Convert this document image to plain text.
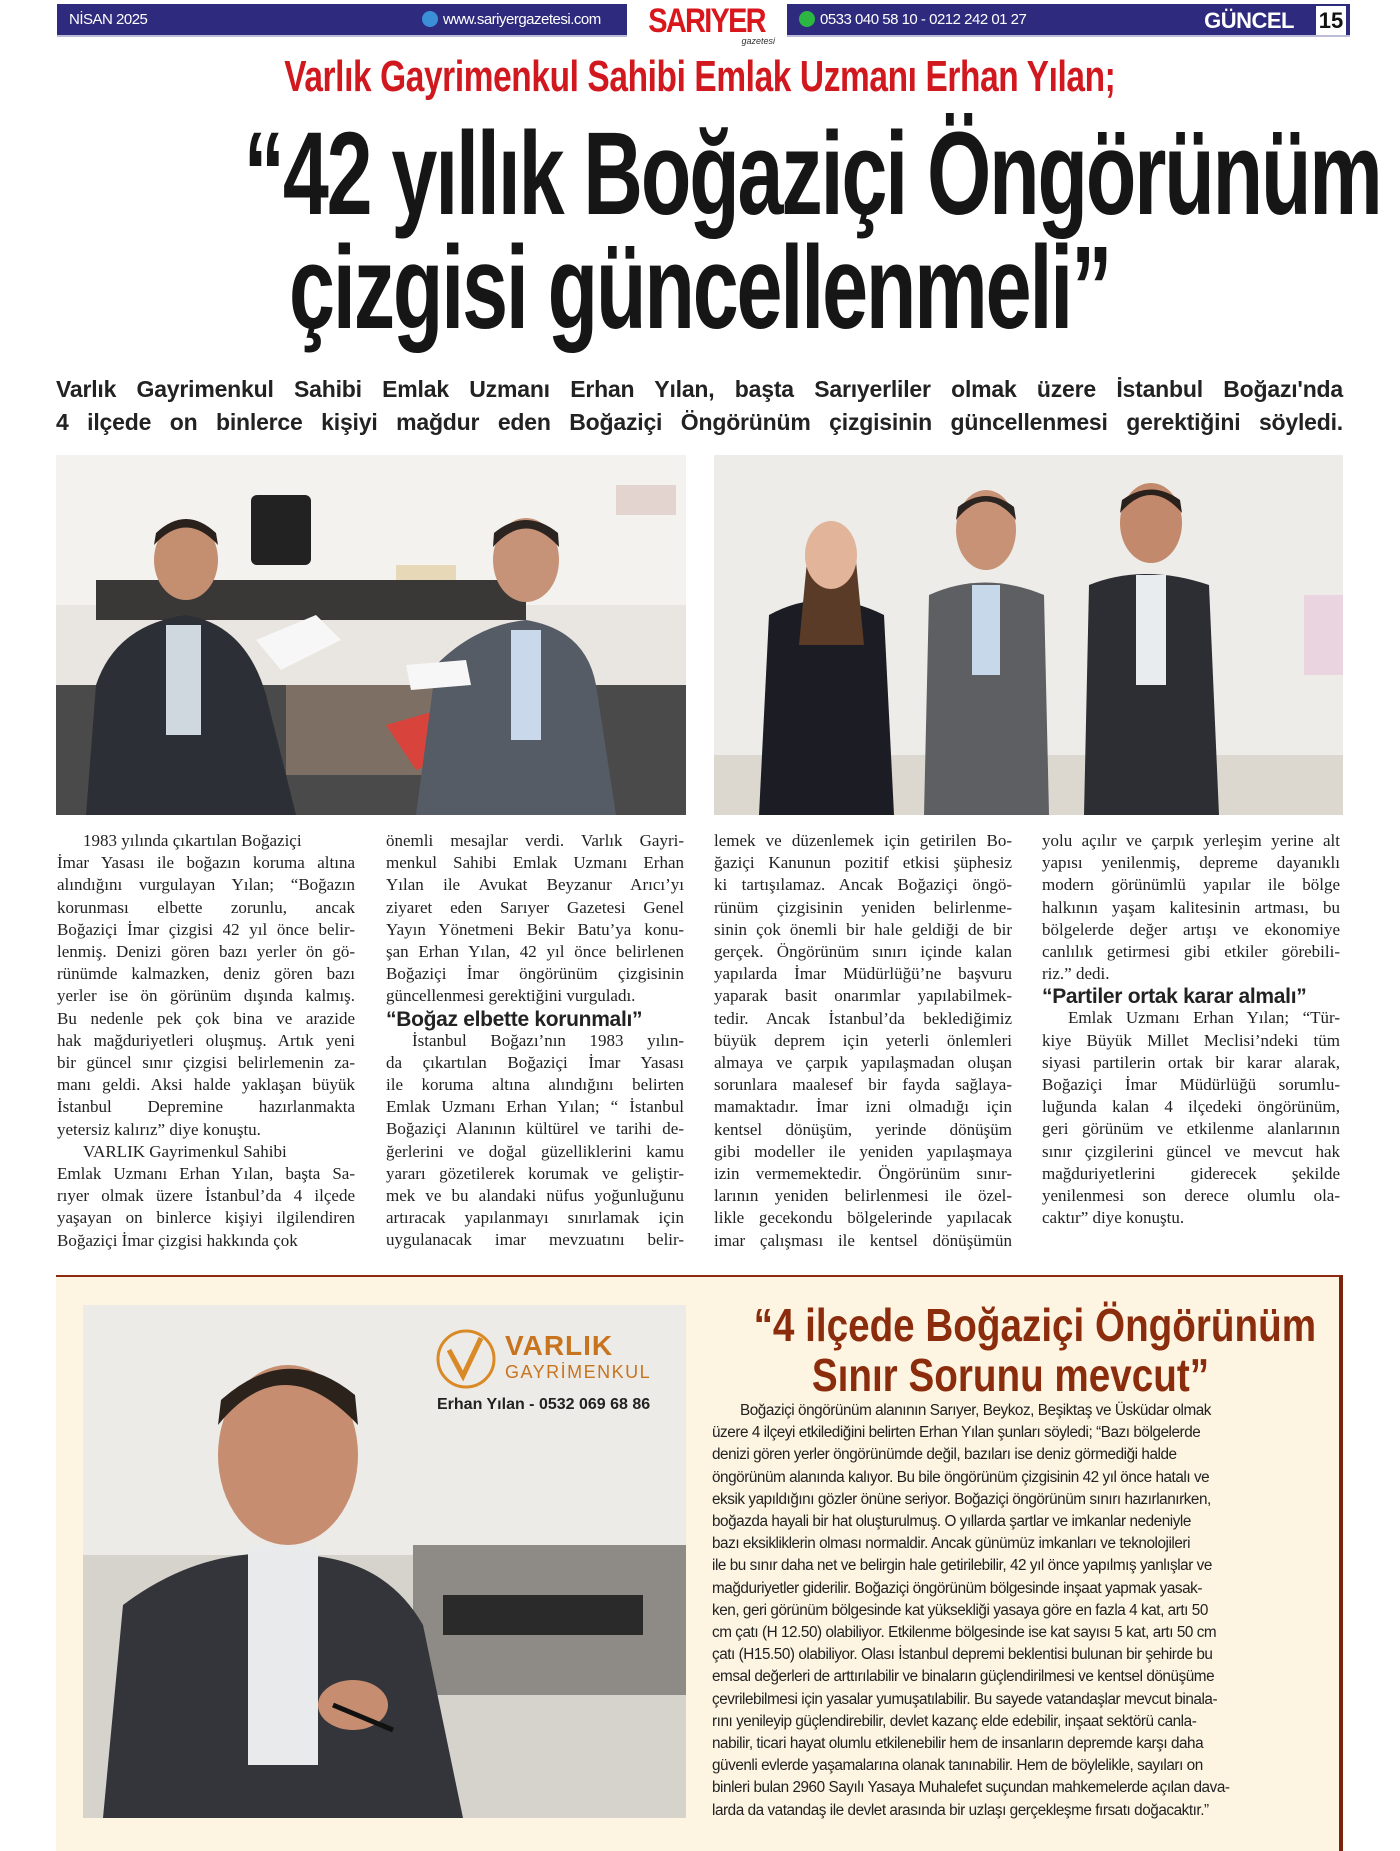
NİSAN 2025	www.sariyergazetesi.com	SARIYER
gazetesi
0533 040 58 10 - 0212 242 01 27	GÜNCEL 15
Varlık Gayrimenkul Sahibi Emlak Uzmanı Erhan Yılan;
“42 yıllık Boğaziçi Öngörünüm
çizgisi güncellenmeli”
Varlık Gayrimenkul Sahibi Emlak Uzmanı Erhan Yılan, başta Sarıyerliler olmak üzere İstanbul Boğazı'nda
4 ilçede on binlerce kişiyi mağdur eden Boğaziçi Öngörünüm çizgisinin güncellenmesi gerektiğini söyledi.
1983 yılında çıkartılan Boğaziçi
İmar Yasası ile boğazın koruma altına
alındığını vurgulayan Yılan; “Boğazın
korunması elbette zorunlu, ancak
Boğaziçi İmar çizgisi 42 yıl önce belir-
lenmiş. Denizi gören bazı yerler ön gö-
rünümde kalmazken, deniz gören bazı
yerler ise ön görünüm dışında kalmış.
Bu nedenle pek çok bina ve arazide
hak mağduriyetleri oluşmuş. Artık yeni
bir güncel sınır çizgisi belirlemenin za-
manı geldi. Aksi halde yaklaşan büyük
İstanbul Depremine hazırlanmakta
yetersiz kalırız” diye konuştu.
VARLIK Gayrimenkul Sahibi
Emlak Uzmanı Erhan Yılan, başta Sa-
rıyer olmak üzere İstanbul’da 4 ilçede
yaşayan on binlerce kişiyi ilgilendiren
Boğaziçi İmar çizgisi hakkında çok
önemli mesajlar verdi. Varlık Gayri-
menkul Sahibi Emlak Uzmanı Erhan
Yılan ile Avukat Beyzanur Arıcı’yı
ziyaret eden Sarıyer Gazetesi Genel
Yayın Yönetmeni Bekir Batu’ya konu-
şan Erhan Yılan, 42 yıl önce belirlenen
Boğaziçi İmar öngörünüm çizgisinin
güncellenmesi gerektiğini vurguladı.
“Boğaz elbette korunmalı”
İstanbul Boğazı’nın 1983 yılın-
da çıkartılan Boğaziçi İmar Yasası
ile koruma altına alındığını belirten
Emlak Uzmanı Erhan Yılan; “ İstanbul
Boğaziçi Alanının kültürel ve tarihi de-
ğerlerini ve doğal güzelliklerini kamu
yararı gözetilerek korumak ve geliştir-
mek ve bu alandaki nüfus yoğunluğunu
artıracak yapılanmayı sınırlamak için
uygulanacak imar mevzuatını belir-
lemek ve düzenlemek için getirilen Bo-
ğaziçi Kanunun pozitif etkisi şüphesiz
ki tartışılamaz. Ancak Boğaziçi öngö-
rünüm çizgisinin yeniden belirlenme-
sinin çok önemli bir hale geldiği de bir
gerçek. Öngörünüm sınırı içinde kalan
yapılarda İmar Müdürlüğü’ne başvuru
yaparak basit onarımlar yapılabilmek-
tedir. Ancak İstanbul’da beklediğimiz
büyük deprem için yeterli önlemleri
almaya ve çarpık yapılaşmadan oluşan
sorunlara maalesef bir fayda sağlaya-
mamaktadır. İmar izni olmadığı için
kentsel dönüşüm, yerinde dönüşüm
gibi modeller ile yeniden yapılaşmaya
izin vermemektedir. Öngörünüm sınır-
larının yeniden belirlenmesi ile özel-
likle gecekondu bölgelerinde yapılacak
imar çalışması ile kentsel dönüşümün
yolu açılır ve çarpık yerleşim yerine alt
yapısı yenilenmiş, depreme dayanıklı
modern görünümlü yapılar ile bölge
halkının yaşam kalitesinin artması, bu
bölgelerde değer artışı ve ekonomiye
canlılık getirmesi gibi etkiler görebili-
riz.” dedi.
“Partiler ortak karar almalı”
Emlak Uzmanı Erhan Yılan; “Tür-
kiye Büyük Millet Meclisi’ndeki tüm
siyasi partilerin ortak bir karar alarak,
Boğaziçi İmar Müdürlüğü sorumlu-
luğunda kalan 4 ilçedeki öngörünüm,
geri görünüm ve etkilenme alanlarının
sınır çizgilerini güncel ve mevcut hak
mağduriyetlerini giderecek şekilde
yenilenmesi son derece olumlu ola-
caktır” diye konuştu.
VARLIK
GAYRİMENKUL
Erhan Yılan - 0532 069 68 86
“4 ilçede Boğaziçi Öngörünüm
Sınır Sorunu mevcut”
Boğaziçi öngörünüm alanının Sarıyer, Beykoz, Beşiktaş ve Üsküdar olmak
üzere 4 ilçeyi etkilediğini belirten Erhan Yılan şunları söyledi; “Bazı bölgelerde
denizi gören yerler öngörünümde değil, bazıları ise deniz görmediği halde
öngörünüm alanında kalıyor. Bu bile öngörünüm çizgisinin 42 yıl önce hatalı ve
eksik yapıldığını gözler önüne seriyor. Boğaziçi öngörünüm sınırı hazırlanırken,
boğazda hayali bir hat oluşturulmuş. O yıllarda şartlar ve imkanlar nedeniyle
bazı eksikliklerin olması normaldir. Ancak günümüz imkanları ve teknolojileri
ile bu sınır daha net ve belirgin hale getirilebilir, 42 yıl önce yapılmış yanlışlar ve
mağduriyetler giderilir. Boğaziçi öngörünüm bölgesinde inşaat yapmak yasak-
ken, geri görünüm bölgesinde kat yüksekliği yasaya göre en fazla 4 kat, artı 50
cm çatı (H 12.50) olabiliyor. Etkilenme bölgesinde ise kat sayısı 5 kat, artı 50 cm
çatı (H15.50) olabiliyor. Olası İstanbul depremi beklentisi bulunan bir şehirde bu
emsal değerleri de arttırılabilir ve binaların güçlendirilmesi ve kentsel dönüşüme
çevrilebilmesi için yasalar yumuşatılabilir. Bu sayede vatandaşlar mevcut binala-
rını yenileyip güçlendirebilir, devlet kazanç elde edebilir, inşaat sektörü canla-
nabilir, ticari hayat olumlu etkilenebilir hem de insanların depremde karşı daha
güvenli evlerde yaşamalarına olanak tanınabilir. Hem de böylelikle, sayıları on
binleri bulan 2960 Sayılı Yasaya Muhalefet suçundan mahkemelerde açılan dava-
larda da vatandaş ile devlet arasında bir uzlaşı gerçekleşme fırsatı doğacaktır.”
